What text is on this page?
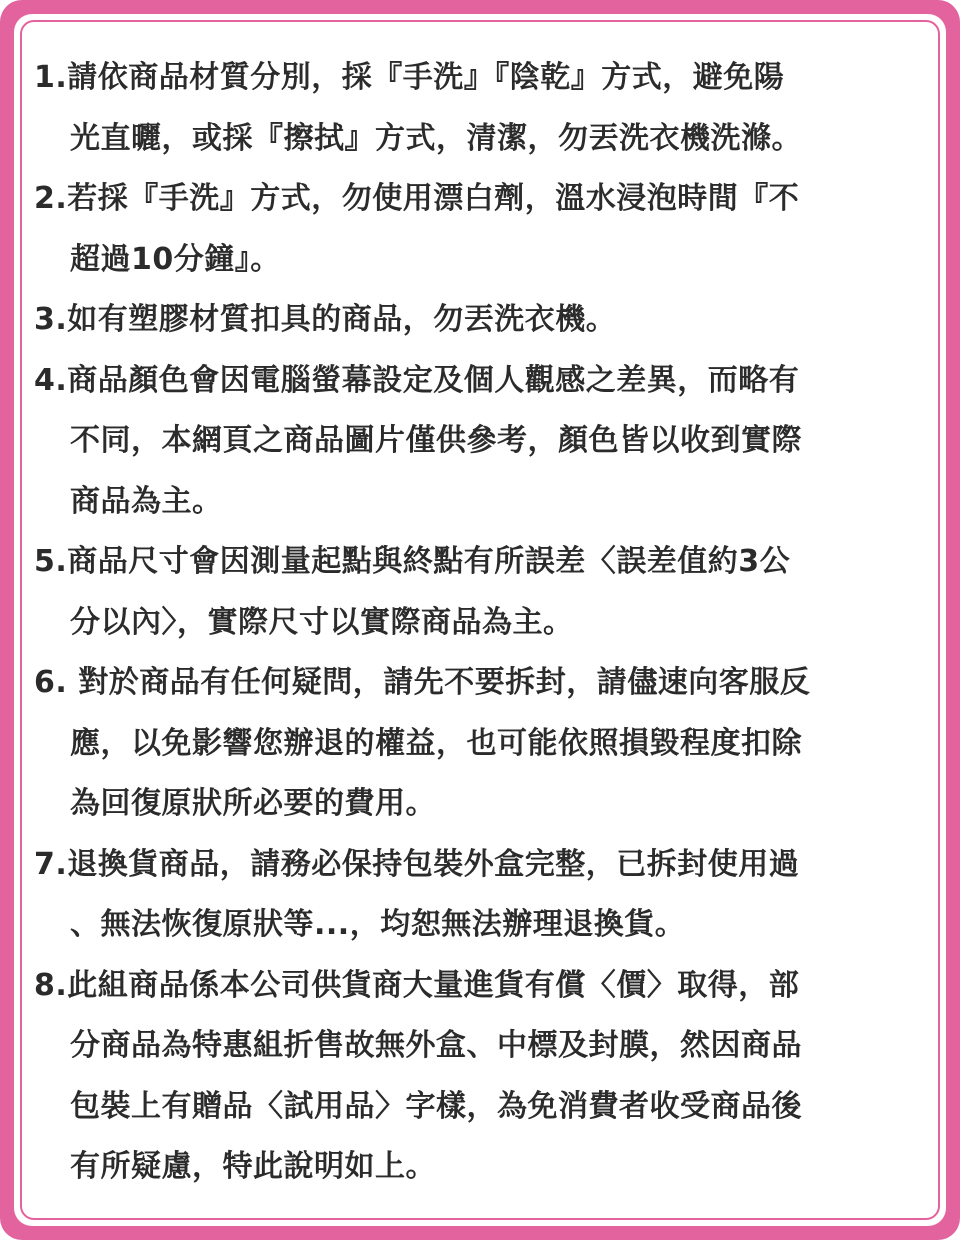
1.請依商品材質分別，採『手洗』『陰乾』方式，避免陽
光直曬，或採『擦拭』方式，清潔，勿丟洗衣機洗滌。
2.若採『手洗』方式，勿使用漂白劑，溫水浸泡時間『不
超過10分鐘』。
3.如有塑膠材質扣具的商品，勿丟洗衣機。
4.商品顏色會因電腦螢幕設定及個人觀感之差異，而略有
不同，本網頁之商品圖片僅供參考，顏色皆以收到實際
商品為主。
5.商品尺寸會因測量起點與終點有所誤差〈誤差值約3公
分以內〉，實際尺寸以實際商品為主。
6. 對於商品有任何疑問，請先不要拆封，請儘速向客服反
應，以免影響您辦退的權益，也可能依照損毀程度扣除
為回復原狀所必要的費用。
7.退換貨商品，請務必保持包裝外盒完整，已拆封使用過
、無法恢復原狀等...，均恕無法辦理退換貨。
8.此組商品係本公司供貨商大量進貨有償〈價〉取得，部
分商品為特惠組折售故無外盒、中標及封膜，然因商品
包裝上有贈品〈試用品〉字樣，為免消費者收受商品後
有所疑慮，特此說明如上。
